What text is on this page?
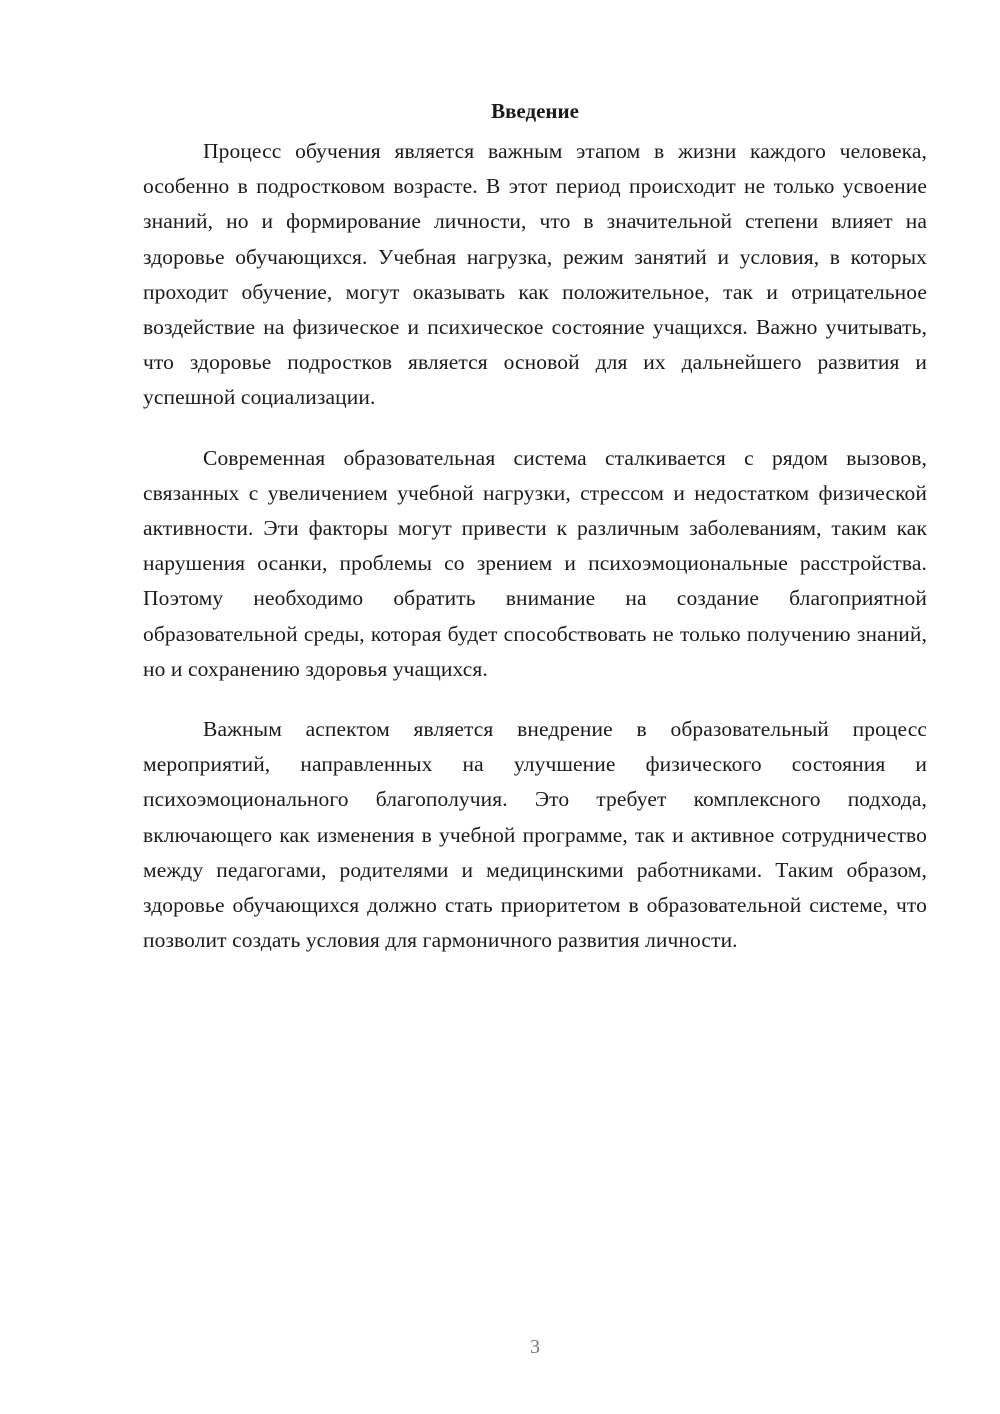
Введение

Процесс обучения является важным этапом в жизни каждого человека, особенно в подростковом возрасте. В этот период происходит не только усвоение знаний, но и формирование личности, что в значительной степени влияет на здоровье обучающихся. Учебная нагрузка, режим занятий и условия, в которых проходит обучение, могут оказывать как положительное, так и отрицательное воздействие на физическое и психическое состояние учащихся. Важно учитывать, что здоровье подростков является основой для их дальнейшего развития и успешной социализации.

Современная образовательная система сталкивается с рядом вызовов, связанных с увеличением учебной нагрузки, стрессом и недостатком физической активности. Эти факторы могут привести к различным заболеваниям, таким как нарушения осанки, проблемы со зрением и психоэмоциональные расстройства. Поэтому необходимо обратить внимание на создание благоприятной образовательной среды, которая будет способствовать не только получению знаний, но и сохранению здоровья учащихся.

Важным аспектом является внедрение в образовательный процесс мероприятий, направленных на улучшение физического состояния и психоэмоционального благополучия. Это требует комплексного подхода, включающего как изменения в учебной программе, так и активное сотрудничество между педагогами, родителями и медицинскими работниками. Таким образом, здоровье обучающихся должно стать приоритетом в образовательной системе, что позволит создать условия для гармоничного развития личности.

3
